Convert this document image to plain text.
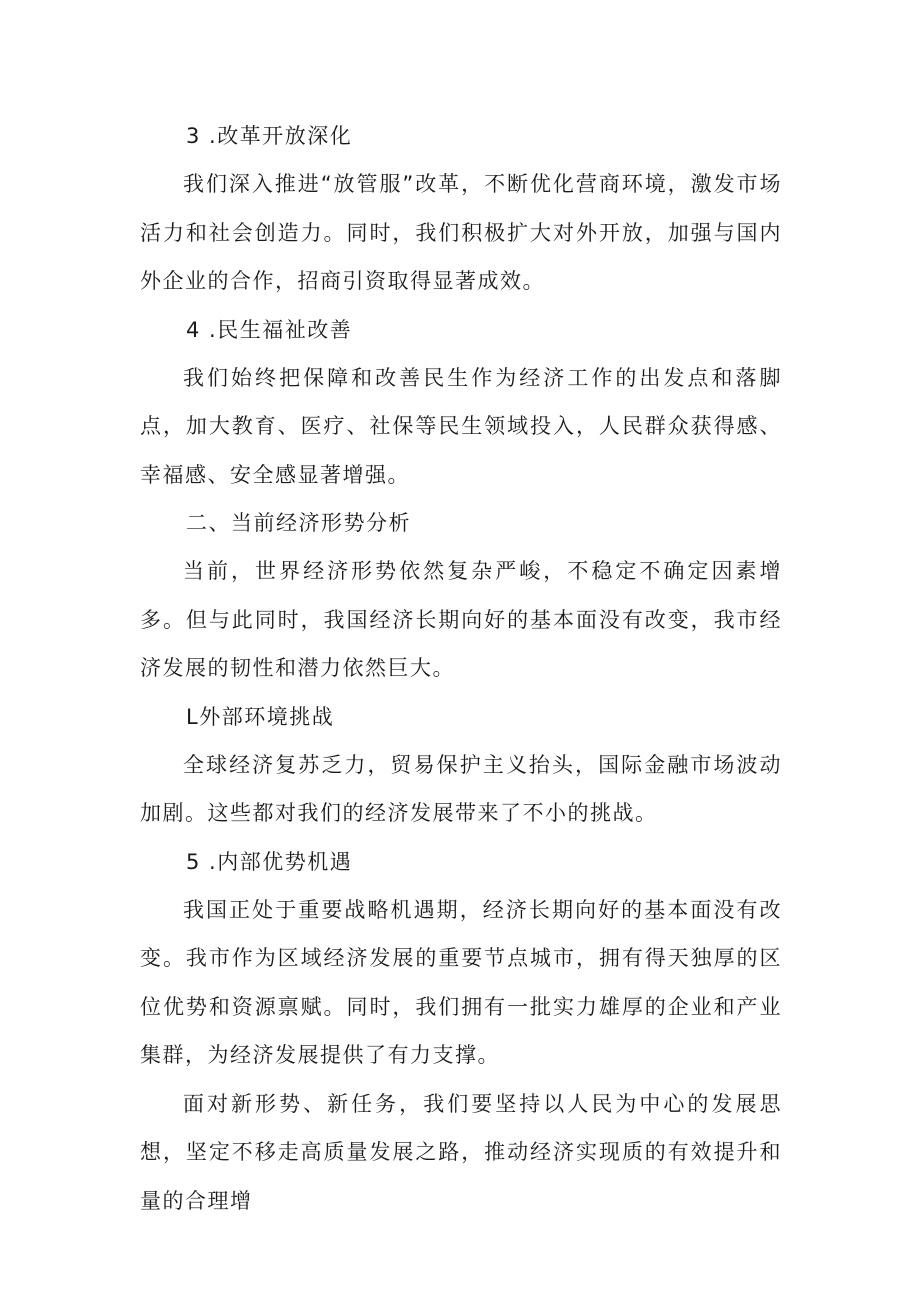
3 .改革开放深化

我们深入推进“放管服”改革，不断优化营商环境，激发市场活力和社会创造力。同时，我们积极扩大对外开放，加强与国内外企业的合作，招商引资取得显著成效。

4 .民生福祉改善

我们始终把保障和改善民生作为经济工作的出发点和落脚点，加大教育、医疗、社保等民生领域投入，人民群众获得感、幸福感、安全感显著增强。

二、当前经济形势分析

当前，世界经济形势依然复杂严峻，不稳定不确定因素增多。但与此同时，我国经济长期向好的基本面没有改变，我市经济发展的韧性和潜力依然巨大。

L外部环境挑战

全球经济复苏乏力，贸易保护主义抬头，国际金融市场波动加剧。这些都对我们的经济发展带来了不小的挑战。

5 .内部优势机遇

我国正处于重要战略机遇期，经济长期向好的基本面没有改变。我市作为区域经济发展的重要节点城市，拥有得天独厚的区位优势和资源禀赋。同时，我们拥有一批实力雄厚的企业和产业集群，为经济发展提供了有力支撑。

面对新形势、新任务，我们要坚持以人民为中心的发展思想，坚定不移走高质量发展之路，推动经济实现质的有效提升和量的合理增
